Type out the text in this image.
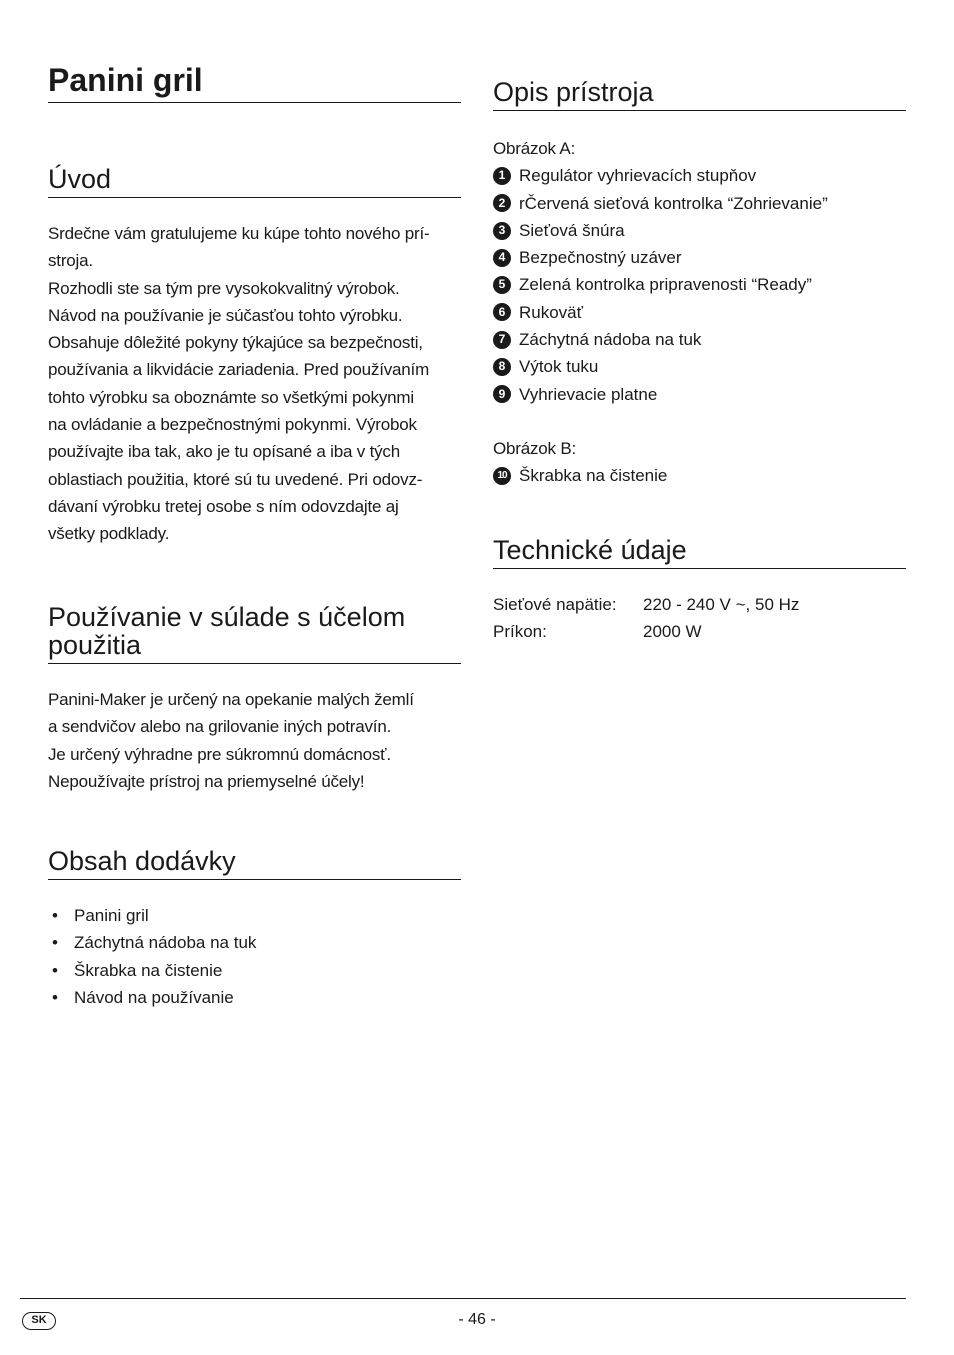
Panini gril
Úvod

Srdečne vám gratulujeme ku kúpe tohto nového prí-
stroja.
Rozhodli ste sa tým pre vysokokvalitný výrobok.
Návod na používanie je súčasťou tohto výrobku.
Obsahuje dôležité pokyny týkajúce sa bezpečnosti,
používania a likvidácie zariadenia. Pred používaním
tohto výrobku sa oboznámte so všetkými pokynmi
na ovládanie a bezpečnostnými pokynmi. Výrobok
používajte iba tak, ako je tu opísané a iba v tých
oblastiach použitia, ktoré sú tu uvedené. Pri odovz-
dávaní výrobku tretej osobe s ním odovzdajte aj
všetky podklady.

Používanie v súlade s účelom
použitia

Panini-Maker je určený na opekanie malých žemlí
a sendvičov alebo na grilovanie iných potravín.
Je určený výhradne pre súkromnú domácnosť.
Nepoužívajte prístroj na priemyselné účely!

Obsah dodávky
• Panini gril
• Záchytná nádoba na tuk
• Škrabka na čistenie
• Návod na používanie
Opis prístroja

Obrázok A:

1 Regulátor vyhrievacích stupňov
2 rČervená sieťová kontrolka “Zohrievanie”
3 Sieťová šnúra
4 Bezpečnostný uzáver
5 Zelená kontrolka pripravenosti “Ready”
6 Rukoväť
7 Záchytná nádoba na tuk
8 Výtok tuku
9 Vyhrievacie platne

Obrázok B:

10 Škrabka na čistenie
Technické údaje
Sieťové napätie:	220 - 240 V ~, 50 Hz
Príkon:	2000 W
SK	- 46 -
